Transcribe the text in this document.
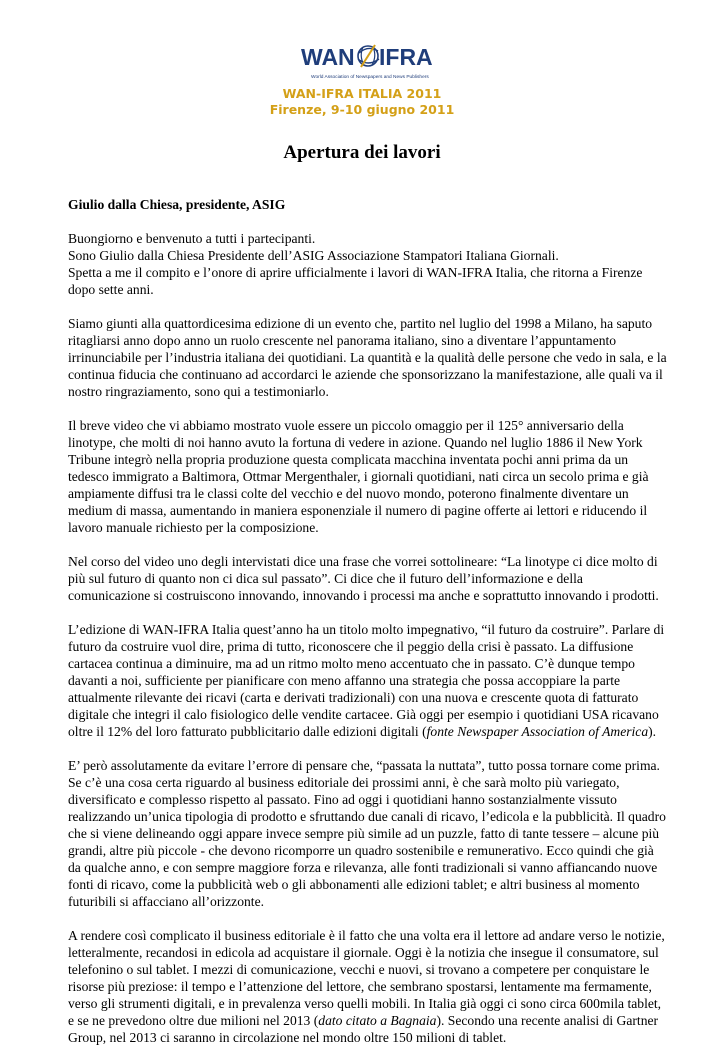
WAN IFRA
World Association of Newspapers and News Publishers
WAN-IFRA ITALIA 2011
Firenze, 9-10 giugno 2011
Apertura dei lavori
Giulio dalla Chiesa, presidente, ASIG
Buongiorno e benvenuto a tutti i partecipanti.
Sono Giulio dalla Chiesa Presidente dell’ASIG Associazione Stampatori Italiana Giornali.
Spetta a me il compito e l’onore di aprire ufficialmente i lavori di WAN-IFRA Italia, che ritorna a Firenze dopo sette anni.

Siamo giunti alla quattordicesima edizione di un evento che, partito nel luglio del 1998 a Milano, ha saputo ritagliarsi anno dopo anno un ruolo crescente nel panorama italiano, sino a diventare l’appuntamento irrinunciabile per l’industria italiana dei quotidiani. La quantità e la qualità delle persone che vedo in sala, e la continua fiducia che continuano ad accordarci le aziende che sponsorizzano la manifestazione, alle quali va il nostro ringraziamento, sono qui a testimoniarlo.

Il breve video che vi abbiamo mostrato vuole essere un piccolo omaggio per il 125° anniversario della linotype, che molti di noi hanno avuto la fortuna di vedere in azione. Quando nel luglio 1886 il New York Tribune integrò nella propria produzione questa complicata macchina inventata pochi anni prima da un tedesco immigrato a Baltimora, Ottmar Mergenthaler, i giornali quotidiani, nati circa un secolo prima e già ampiamente diffusi tra le classi colte del vecchio e del nuovo mondo, poterono finalmente diventare un medium di massa, aumentando in maniera esponenziale il numero di pagine offerte ai lettori e riducendo il lavoro manuale richiesto per la composizione.

Nel corso del video uno degli intervistati dice una frase che vorrei sottolineare: “La linotype ci dice molto di più sul futuro di quanto non ci dica sul passato”. Ci dice che il futuro dell’informazione e della comunicazione si costruiscono innovando, innovando i processi ma anche e soprattutto innovando i prodotti.

L’edizione di WAN-IFRA Italia quest’anno ha un titolo molto impegnativo, “il futuro da costruire”. Parlare di futuro da costruire vuol dire, prima di tutto, riconoscere che il peggio della crisi è passato. La diffusione cartacea continua a diminuire, ma ad un ritmo molto meno accentuato che in passato. C’è dunque tempo davanti a noi, sufficiente per pianificare con meno affanno una strategia che possa accoppiare la parte attualmente rilevante dei ricavi (carta e derivati tradizionali) con una nuova e crescente quota di fatturato digitale che integri il calo fisiologico delle vendite cartacee. Già oggi per esempio i quotidiani USA ricavano oltre il 12% del loro fatturato pubblicitario dalle edizioni digitali (fonte Newspaper Association of America).

E’ però assolutamente da evitare l’errore di pensare che, “passata la nuttata”, tutto possa tornare come prima. Se c’è una cosa certa riguardo al business editoriale dei prossimi anni, è che sarà molto più variegato, diversificato e complesso rispetto al passato. Fino ad oggi i quotidiani hanno sostanzialmente vissuto realizzando un’unica tipologia di prodotto e sfruttando due canali di ricavo, l’edicola e la pubblicità. Il quadro che si viene delineando oggi appare invece sempre più simile ad un puzzle, fatto di tante tessere – alcune più grandi, altre più piccole - che devono ricomporre un quadro sostenibile e remunerativo. Ecco quindi che già da qualche anno, e con sempre maggiore forza e rilevanza, alle fonti tradizionali si vanno affiancando nuove fonti di ricavo, come la pubblicità web o gli abbonamenti alle edizioni tablet; e altri business al momento futuribili si affacciano all’orizzonte.

A rendere così complicato il business editoriale è il fatto che una volta era il lettore ad andare verso le notizie, letteralmente, recandosi in edicola ad acquistare il giornale. Oggi è la notizia che insegue il consumatore, sul telefonino o sul tablet. I mezzi di comunicazione, vecchi e nuovi, si trovano a competere per conquistare le risorse più preziose: il tempo e l’attenzione del lettore, che sembrano spostarsi, lentamente ma fermamente, verso gli strumenti digitali, e in prevalenza verso quelli mobili. In Italia già oggi ci sono circa 600mila tablet, e se ne prevedono oltre due milioni nel 2013 (dato citato a Bagnaia). Secondo una recente analisi di Gartner Group, nel 2013 ci saranno in circolazione nel mondo oltre 150 milioni di tablet.
